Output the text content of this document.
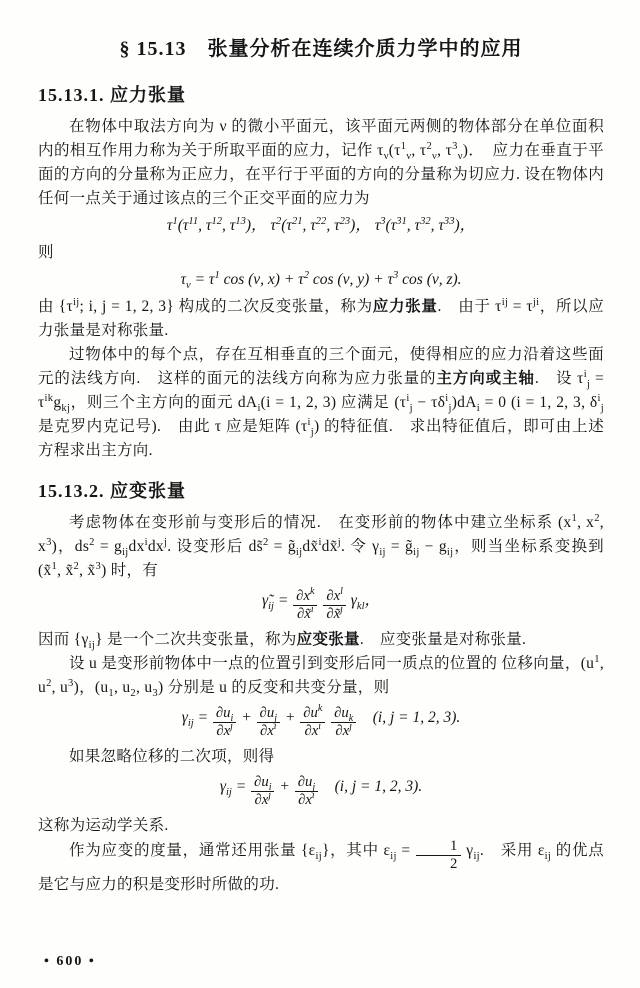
§ 15.13　张量分析在连续介质力学中的应用
15.13.1. 应力张量

在物体中取法方向为 ν 的微小平面元，该平面元两侧的物体部分在单位面积内的相互作用力称为关于所取平面的应力，记作 $\tau_\nu(\tau^1_\nu$, $\tau^2_\nu$, $\tau^3_\nu$)．　应力在垂直于平面的方向的分量称为正应力，在平行于平面的方向的分量称为切应力. 设在物体内任何一点关于通过该点的三个正交平面的应力为

$\tau^1(\tau^{11}$, $\tau^{12}$, $\tau^{13}$)， $\tau^2(\tau^{21}$, $\tau^{22}$, $\tau^{23}$)， $\tau^3(\tau^{31}$, $\tau^{32}$, $\tau^{33}$)，

则

$\tau_\nu = \tau^1$ cos (ν, $x) + \tau^2$ cos (ν, $y) + \tau^3$ cos (ν, z).

由 {$\tau^{ij}$; i, j = 1, 2, 3} 构成的二次反变张量，称为应力张量.　由于 $\tau^{ij} = \tau^{ji}$，所以应力张量是对称张量.

过物体中的每个点，存在互相垂直的三个面元，使得相应的应力沿着这些面元的法线方向.　这样的面元的法线方向称为应力张量的主方向或主轴.　设 $\tau^i_j = \tau^{ik}g_{kj}$，则三个主方向的面元 $dA_i(i = 1$, 2, 3) 应满足 $(\tau^i_j - \tau\delta^i_j)dA_i = 0$ (i = 1, 2, 3, $\delta^i_j$ 是克罗内克记号).　由此 τ 应是矩阵 $(\tau^i_j)$ 的特征值.　求出特征值后，即可由上述方程求出主方向.

15.13.2. 应变张量

考虑物体在变形前与变形后的情况.　在变形前的物体中建立坐标系 ($x^1$, $x^2$, $x^3$)，$ds^2 = g_{ij}dx^idx^j$. 设变形后 ds̃$^2$ = $g̃_{ij}dx̃^idx̃^j$. 令 $\gamma_{ij}$ = $g̃_{ij} - g_{ij}$，则当坐标系变换到 (x̃$^1$, x̃$^2$, x̃$^3$) 时，有

$\gammã_{ij} = \frac{\partial x^k}{\partial x̃^i}$
$\frac{\partial x^l}{\partial x̃^j} \gamma_{kl}$，

因而 $\{\gamma_{ij}\}$ 是一个二次共变张量，称为应变张量.　应变张量是对称张量.

设 u 是变形前物体中一点的位置引到变形后同一质点的位置的 位移向量，($u^1$, $u^2$, $u^3$)，($u_1$, $u_2$, $u_3$) 分别是 u 的反变和共变分量，则

$\gamma_{ij} = \frac{\partial u_i}{\partial x^j} + \frac{\partial u_j}{\partial x^i} + \frac{\partial u^k}{\partial x^i}$
$\frac{\partial u_k}{\partial x^j}$ 　(i, j = 1, 2, 3).

如果忽略位移的二次项，则得

$\gamma_{ij} = \frac{\partial u_i}{\partial x^j} + \frac{\partial u_j}{\partial x^i}$ 　(i, j = 1, 2, 3).

这称为运动学关系.

作为应变的度量，通常还用张量 $\{\varepsilon_{ij}\}$，其中 $\varepsilon_{ij} = \frac{1}{2} \gamma_{ij}$.　采用 $\varepsilon_{ij}$ 的优点是它与应力的积是变形时所做的功.

• 600 •
